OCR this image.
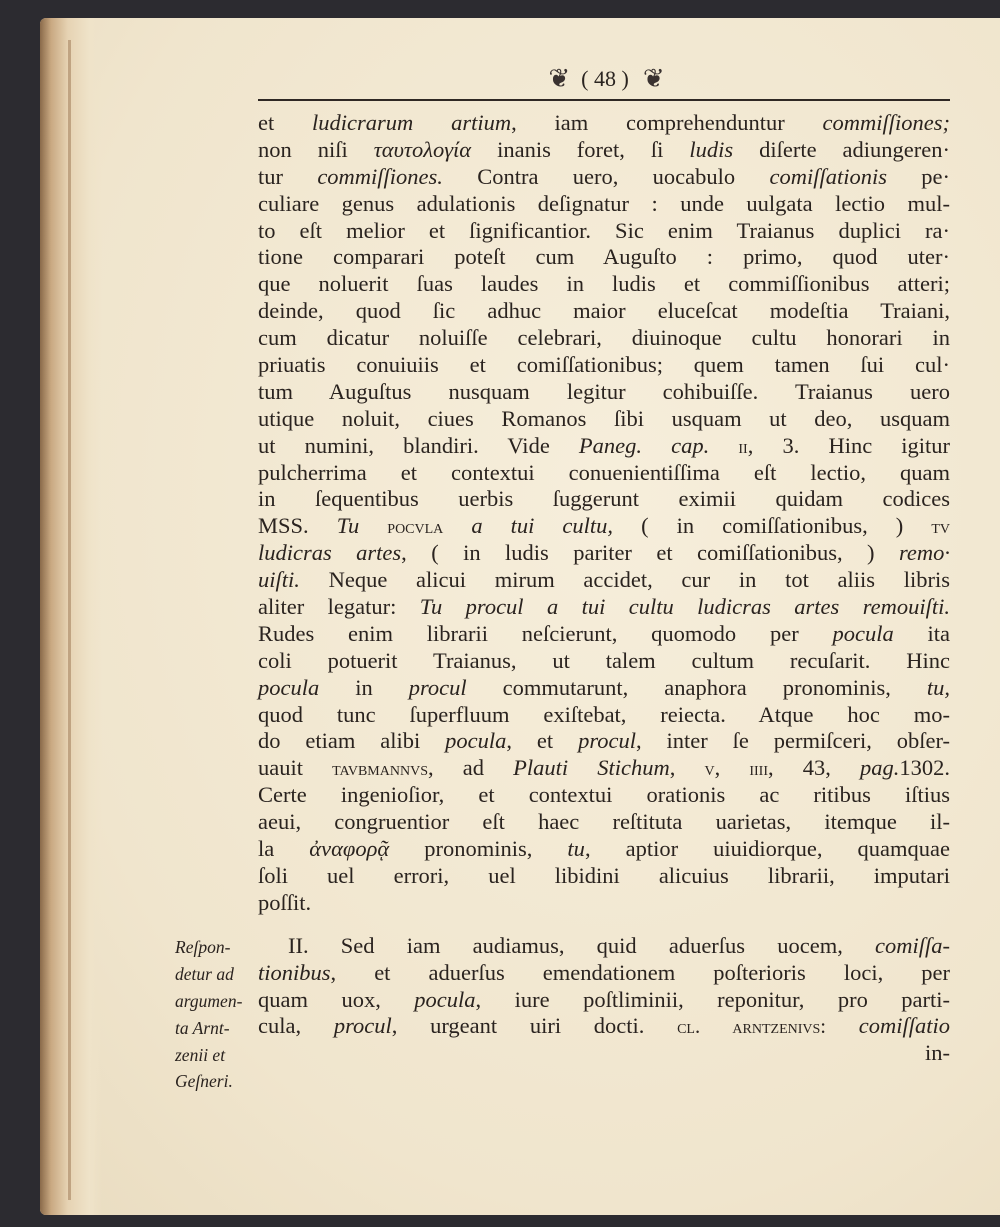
❦ ( 48 ) ❦
et ludicrarum artium, iam comprehenduntur commiſſiones;
non niſi ταυτολογία inanis foret, ſi ludis diſerte adiungeren·
tur commiſſiones. Contra uero, uocabulo comiſſationis pe·
culiare genus adulationis deſignatur : unde uulgata lectio mul-
to eſt melior et ſignificantior. Sic enim Traianus duplici ra·
tione comparari poteſt cum Auguſto : primo, quod uter·
que noluerit ſuas laudes in ludis et commiſſionibus atteri;
deinde, quod ſic adhuc maior eluceſcat modeſtia Traiani,
cum dicatur noluiſſe celebrari, diuinoque cultu honorari in
priuatis conuiuiis et comiſſationibus; quem tamen ſui cul·
tum Auguſtus nusquam legitur cohibuiſſe. Traianus uero
utique noluit, ciues Romanos ſibi usquam ut deo, usquam
ut numini, blandiri. Vide Paneg. cap. ii, 3. Hinc igitur
pulcherrima et contextui conuenientiſſima eſt lectio, quam
in ſequentibus uerbis ſuggerunt eximii quidam codices
MSS. Tu pocvla a tui cultu, ( in comiſſationibus, ) tv
ludicras artes, ( in ludis pariter et comiſſationibus, ) remo·
uiſti. Neque alicui mirum accidet, cur in tot aliis libris
aliter legatur: Tu procul a tui cultu ludicras artes remouiſti.
Rudes enim librarii neſcierunt, quomodo per pocula ita
coli potuerit Traianus, ut talem cultum recuſarit. Hinc
pocula in procul commutarunt, anaphora pronominis, tu,
quod tunc ſuperfluum exiſtebat, reiecta. Atque hoc mo-
do etiam alibi pocula, et procul, inter ſe permiſceri, obſer-
uauit tavbmannvs, ad Plauti Stichum, v, iiii, 43, pag.1302.
Certe ingenioſior, et contextui orationis ac ritibus iſtius
aeui, congruentior eſt haec reſtituta uarietas, itemque il-
la ἀναφορᾷ pronominis, tu, aptior uiuidiorque, quamquae
ſoli uel errori, uel libidini alicuius librarii, imputari
poſſit.
II. Sed iam audiamus, quid aduerſus uocem, comiſſa-
tionibus, et aduerſus emendationem poſterioris loci, per
quam uox, pocula, iure poſtliminii, reponitur, pro parti-
cula, procul, urgeant uiri docti. cl. arntzenivs: comiſſatio
in-
Reſpon-
detur ad
argumen-
ta Arnt-
zenii et
Geſneri.
